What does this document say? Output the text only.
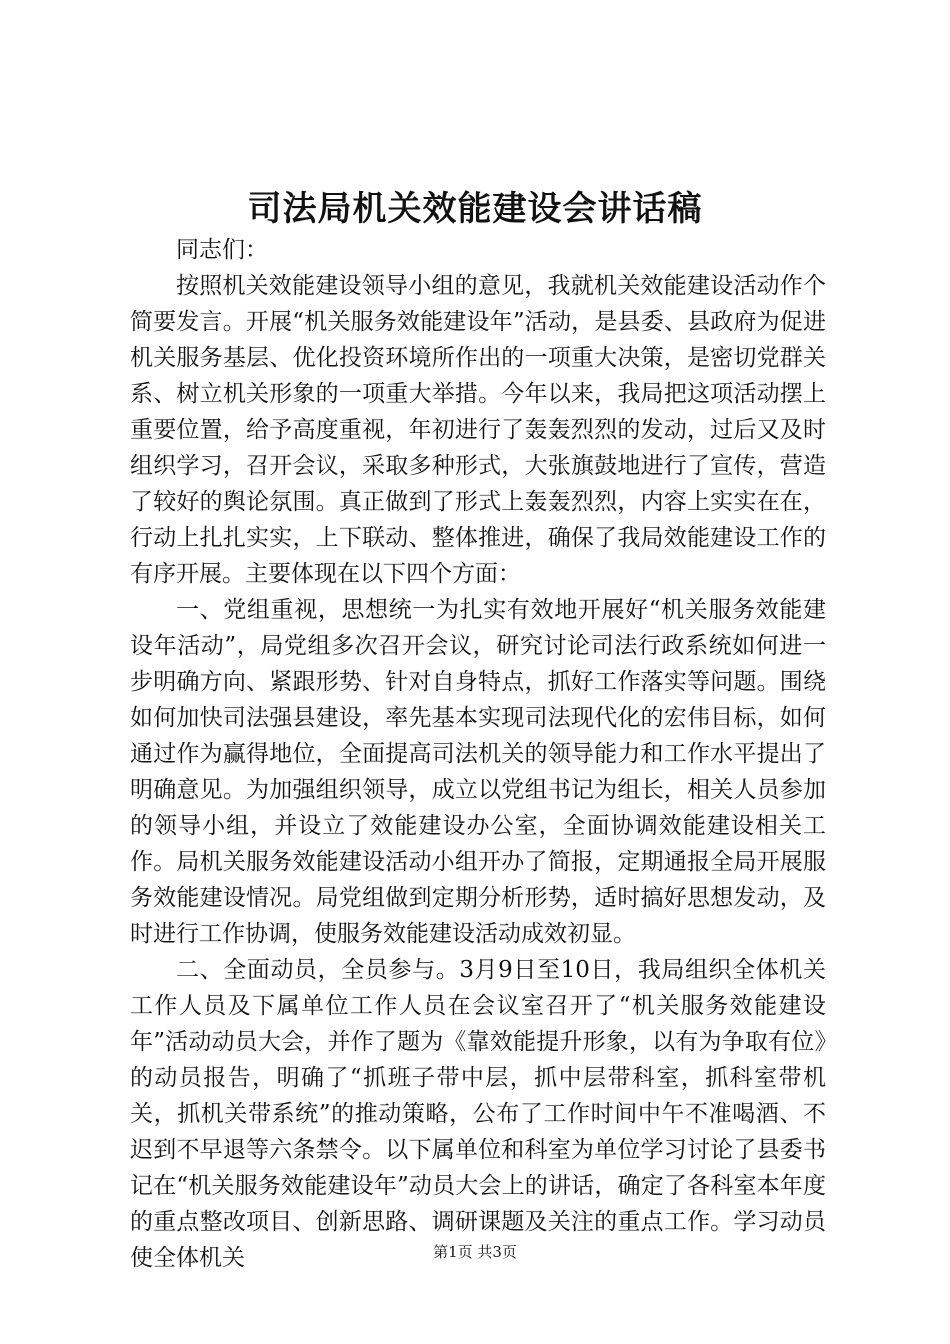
司法局机关效能建设会讲话稿

同志们：

按照机关效能建设领导小组的意见，我就机关效能建设活动作个简要发言。开展“机关服务效能建设年”活动，是县委、县政府为促进机关服务基层、优化投资环境所作出的一项重大决策，是密切党群关系、树立机关形象的一项重大举措。今年以来，我局把这项活动摆上重要位置，给予高度重视，年初进行了轰轰烈烈的发动，过后又及时组织学习，召开会议，采取多种形式，大张旗鼓地进行了宣传，营造了较好的舆论氛围。真正做到了形式上轰轰烈烈，内容上实实在在，行动上扎扎实实，上下联动、整体推进，确保了我局效能建设工作的有序开展。主要体现在以下四个方面：

一、党组重视，思想统一为扎实有效地开展好“机关服务效能建设年活动”，局党组多次召开会议，研究讨论司法行政系统如何进一步明确方向、紧跟形势、针对自身特点，抓好工作落实等问题。围绕如何加快司法强县建设，率先基本实现司法现代化的宏伟目标，如何通过作为赢得地位，全面提高司法机关的领导能力和工作水平提出了明确意见。为加强组织领导，成立以党组书记为组长，相关人员参加的领导小组，并设立了效能建设办公室，全面协调效能建设相关工作。局机关服务效能建设活动小组开办了简报，定期通报全局开展服务效能建设情况。局党组做到定期分析形势，适时搞好思想发动，及时进行工作协调，使服务效能建设活动成效初显。

二、全面动员，全员参与。3月9日至10日，我局组织全体机关工作人员及下属单位工作人员在会议室召开了“机关服务效能建设年”活动动员大会，并作了题为《靠效能提升形象，以有为争取有位》的动员报告，明确了“抓班子带中层，抓中层带科室，抓科室带机关，抓机关带系统”的推动策略，公布了工作时间中午不准喝酒、不迟到不早退等六条禁令。以下属单位和科室为单位学习讨论了县委书记在“机关服务效能建设年”动员大会上的讲话，确定了各科室本年度的重点整改项目、创新思路、调研课题及关注的重点工作。学习动员使全体机关	第1页 共3页
